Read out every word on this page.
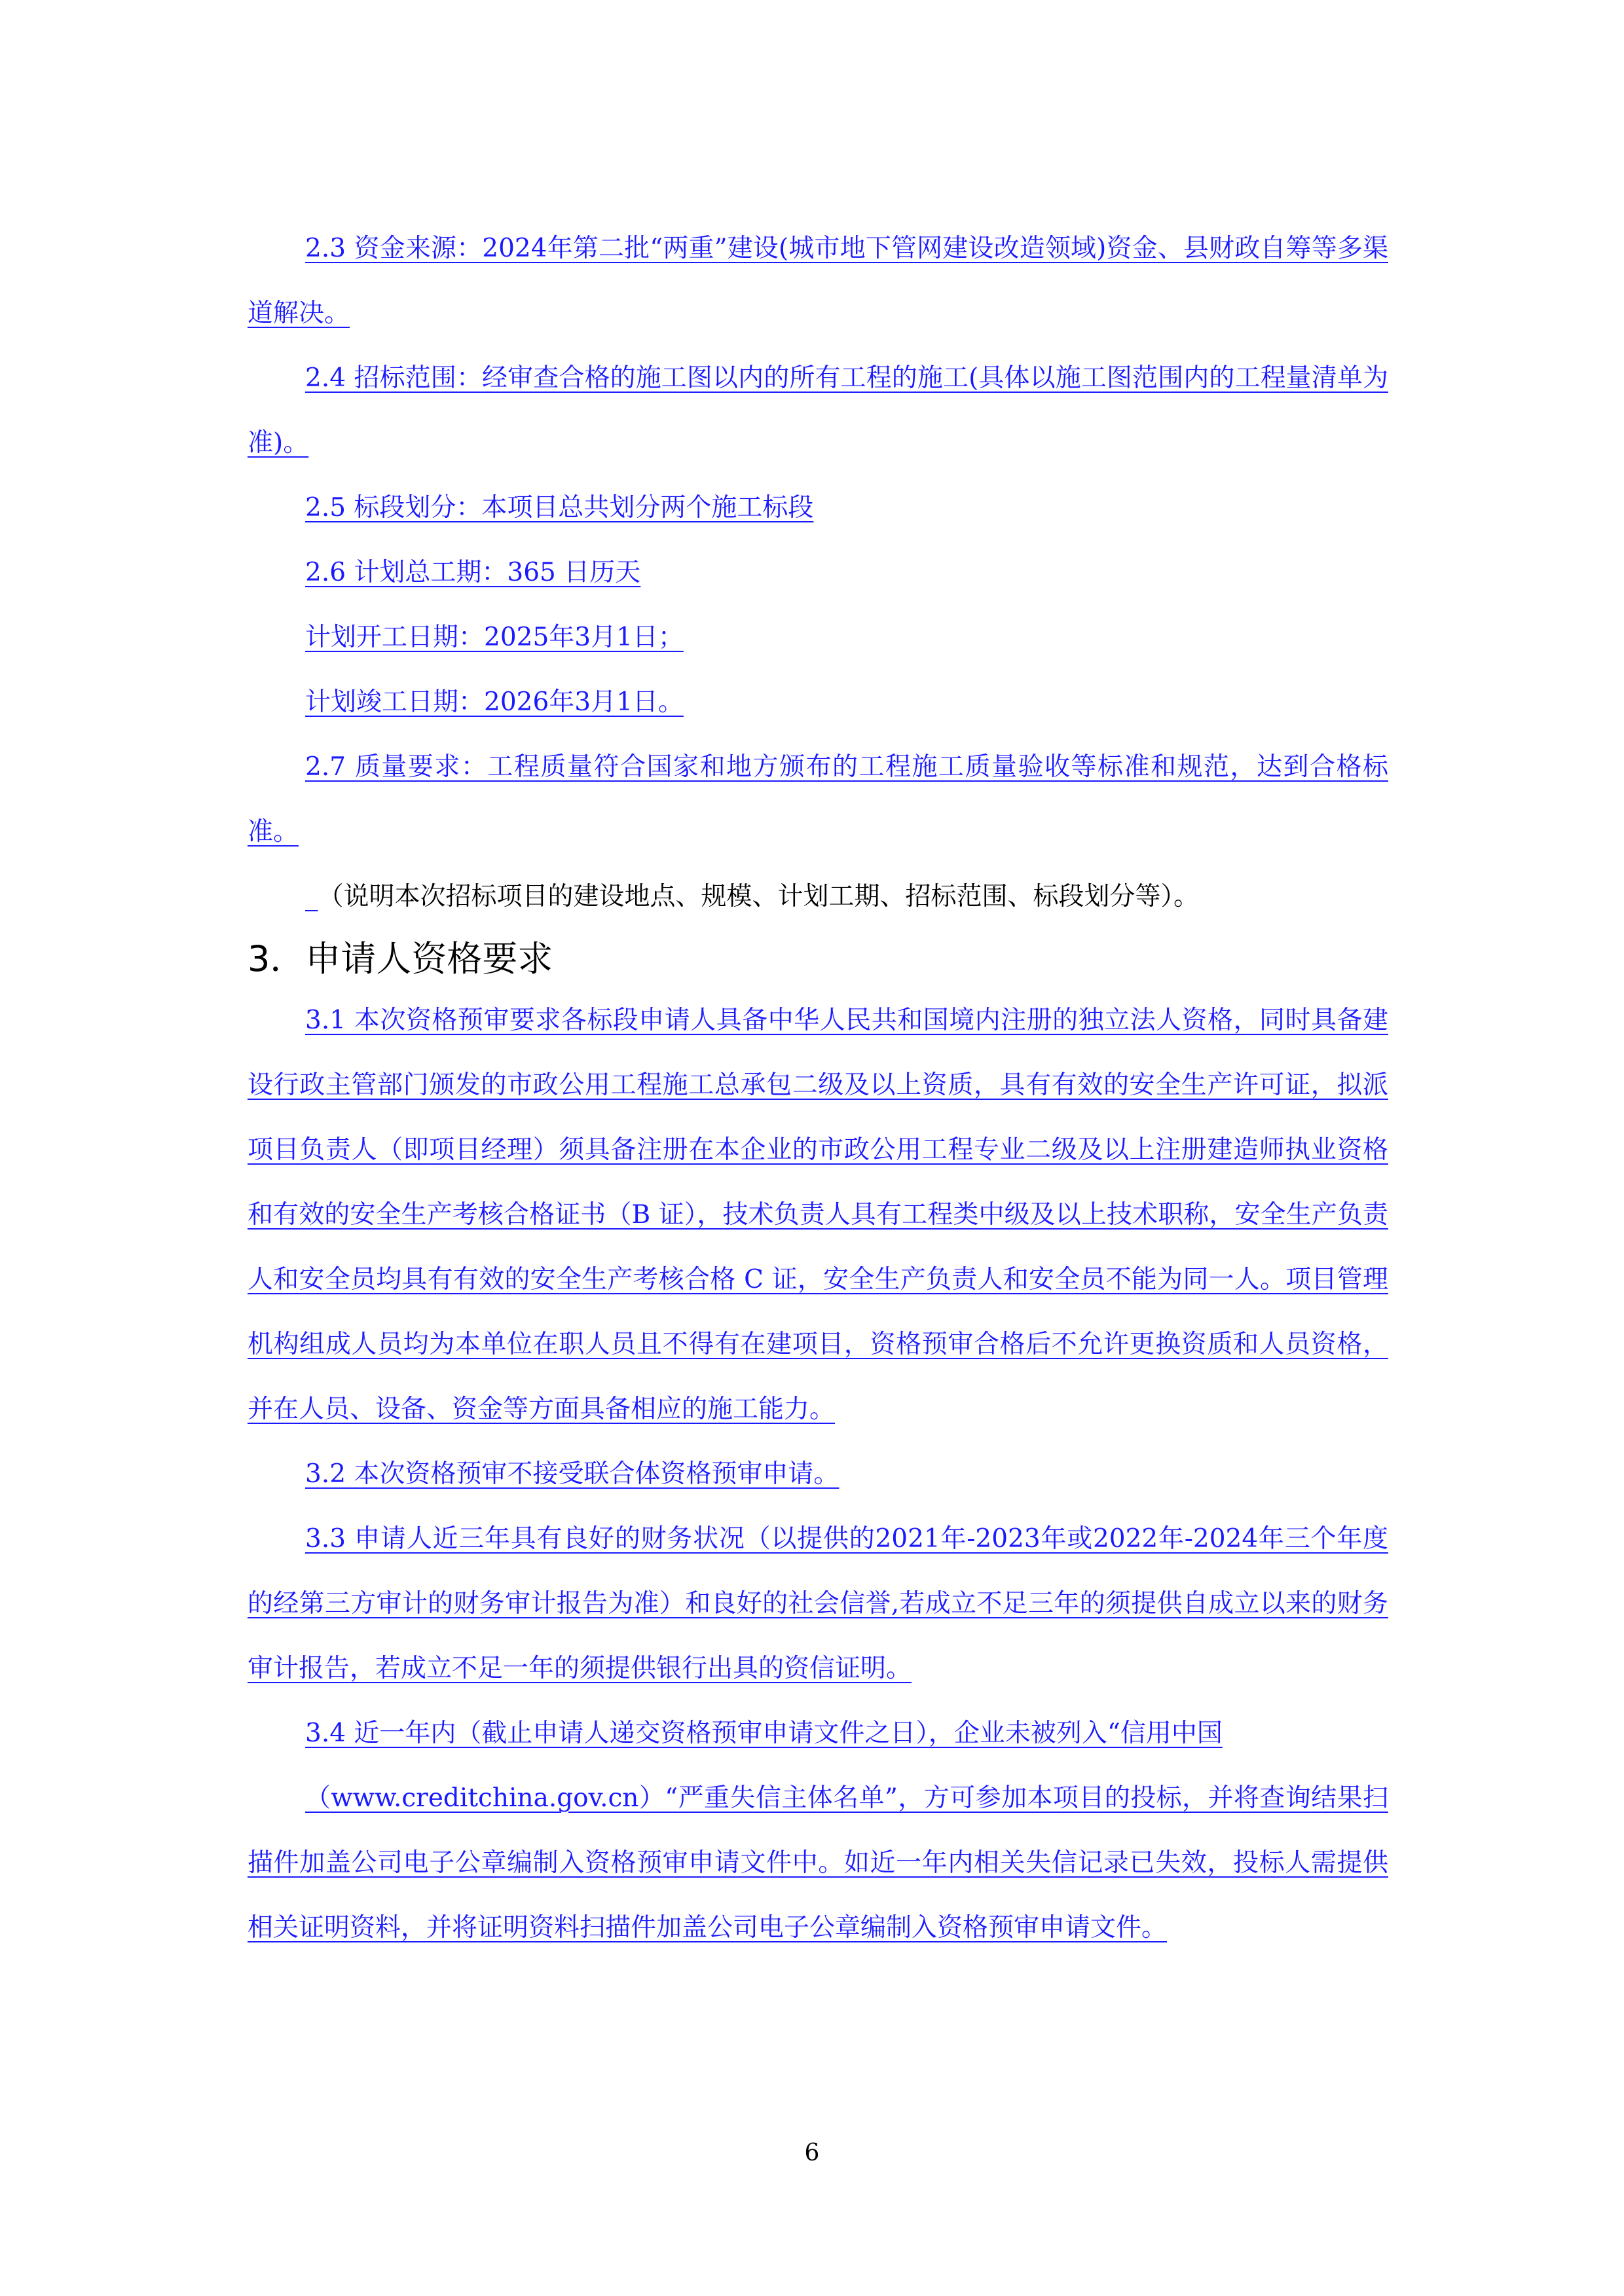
2.3 资金来源：2024年第二批“两重”建设(城市地下管网建设改造领域)资金、县财政自筹等多渠道解决。

2.4 招标范围：经审查合格的施工图以内的所有工程的施工(具体以施工图范围内的工程量清单为准)。

2.5 标段划分：本项目总共划分两个施工标段

2.6 计划总工期：365 日历天

计划开工日期：2025年3月1日；

计划竣工日期：2026年3月1日。

2.7 质量要求：工程质量符合国家和地方颁布的工程施工质量验收等标准和规范，达到合格标准。

_（说明本次招标项目的建设地点、规模、计划工期、招标范围、标段划分等）。

3．申请人资格要求

3.1 本次资格预审要求各标段申请人具备中华人民共和国境内注册的独立法人资格，同时具备建设行政主管部门颁发的市政公用工程施工总承包二级及以上资质，具有有效的安全生产许可证，拟派项目负责人（即项目经理）须具备注册在本企业的市政公用工程专业二级及以上注册建造师执业资格和有效的安全生产考核合格证书（B 证），技术负责人具有工程类中级及以上技术职称，安全生产负责人和安全员均具有有效的安全生产考核合格 C 证，安全生产负责人和安全员不能为同一人。项目管理机构组成人员均为本单位在职人员且不得有在建项目，资格预审合格后不允许更换资质和人员资格，并在人员、设备、资金等方面具备相应的施工能力。

3.2 本次资格预审不接受联合体资格预审申请。

3.3 申请人近三年具有良好的财务状况（以提供的2021年-2023年或2022年-2024年三个年度的经第三方审计的财务审计报告为准）和良好的社会信誉,若成立不足三年的须提供自成立以来的财务审计报告，若成立不足一年的须提供银行出具的资信证明。

3.4 近一年内（截止申请人递交资格预审申请文件之日），企业未被列入“信用中国

（www.creditchina.gov.cn）“严重失信主体名单”，方可参加本项目的投标，并将查询结果扫描件加盖公司电子公章编制入资格预审申请文件中。如近一年内相关失信记录已失效，投标人需提供相关证明资料，并将证明资料扫描件加盖公司电子公章编制入资格预审申请文件。

6
